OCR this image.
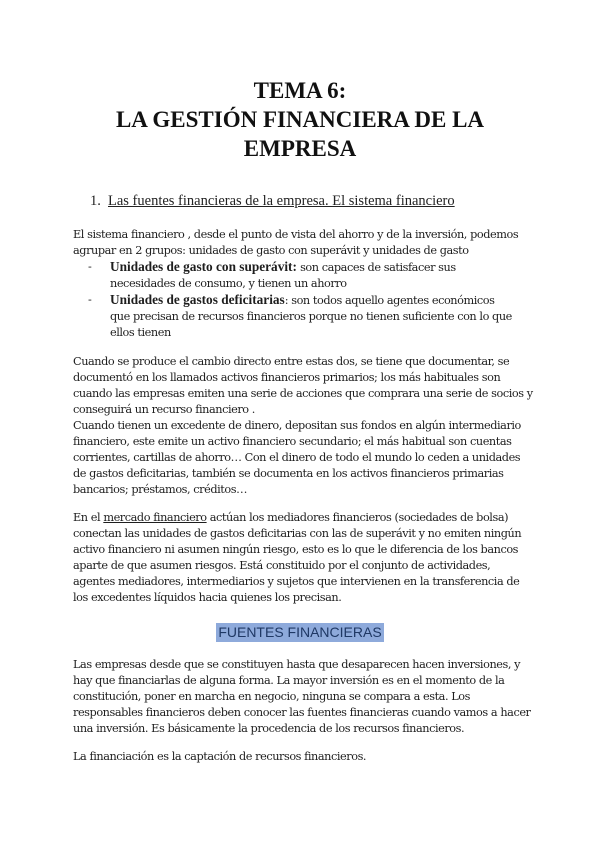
TEMA 6:
LA GESTIÓN FINANCIERA DE LA
EMPRESA
1. Las fuentes financieras de la empresa. El sistema financiero

El sistema financiero , desde el punto de vista del ahorro y de la inversión, podemos

agrupar en 2 grupos: unidades de gasto con superávit y unidades de gasto

- Unidades de gasto con superávit: son capaces de satisfacer sus
necesidades de consumo, y tienen un ahorro
- Unidades de gastos deficitarias: son todos aquello agentes económicos
que precisan de recursos financieros porque no tienen suficiente con lo que
ellos tienen

Cuando se produce el cambio directo entre estas dos, se tiene que documentar, se

documentó en los llamados activos financieros primarios; los más habituales son

cuando las empresas emiten una serie de acciones que comprara una serie de socios y

conseguirá un recurso financiero .

Cuando tienen un excedente de dinero, depositan sus fondos en algún intermediario

financiero, este emite un activo financiero secundario; el más habitual son cuentas

corrientes, cartillas de ahorro… Con el dinero de todo el mundo lo ceden a unidades

de gastos deficitarias, también se documenta en los activos financieros primarias

bancarios; préstamos, créditos…

En el mercado financiero actúan los mediadores financieros (sociedades de bolsa)

conectan las unidades de gastos deficitarias con las de superávit y no emiten ningún

activo financiero ni asumen ningún riesgo, esto es lo que le diferencia de los bancos

aparte de que asumen riesgos. Está constituido por el conjunto de actividades,

agentes mediadores, intermediarios y sujetos que intervienen en la transferencia de

los excedentes líquidos hacia quienes los precisan.

FUENTES FINANCIERAS

Las empresas desde que se constituyen hasta que desaparecen hacen inversiones, y

hay que financiarlas de alguna forma. La mayor inversión es en el momento de la

constitución, poner en marcha en negocio, ninguna se compara a esta. Los

responsables financieros deben conocer las fuentes financieras cuando vamos a hacer

una inversión. Es básicamente la procedencia de los recursos financieros.

La financiación es la captación de recursos financieros.
